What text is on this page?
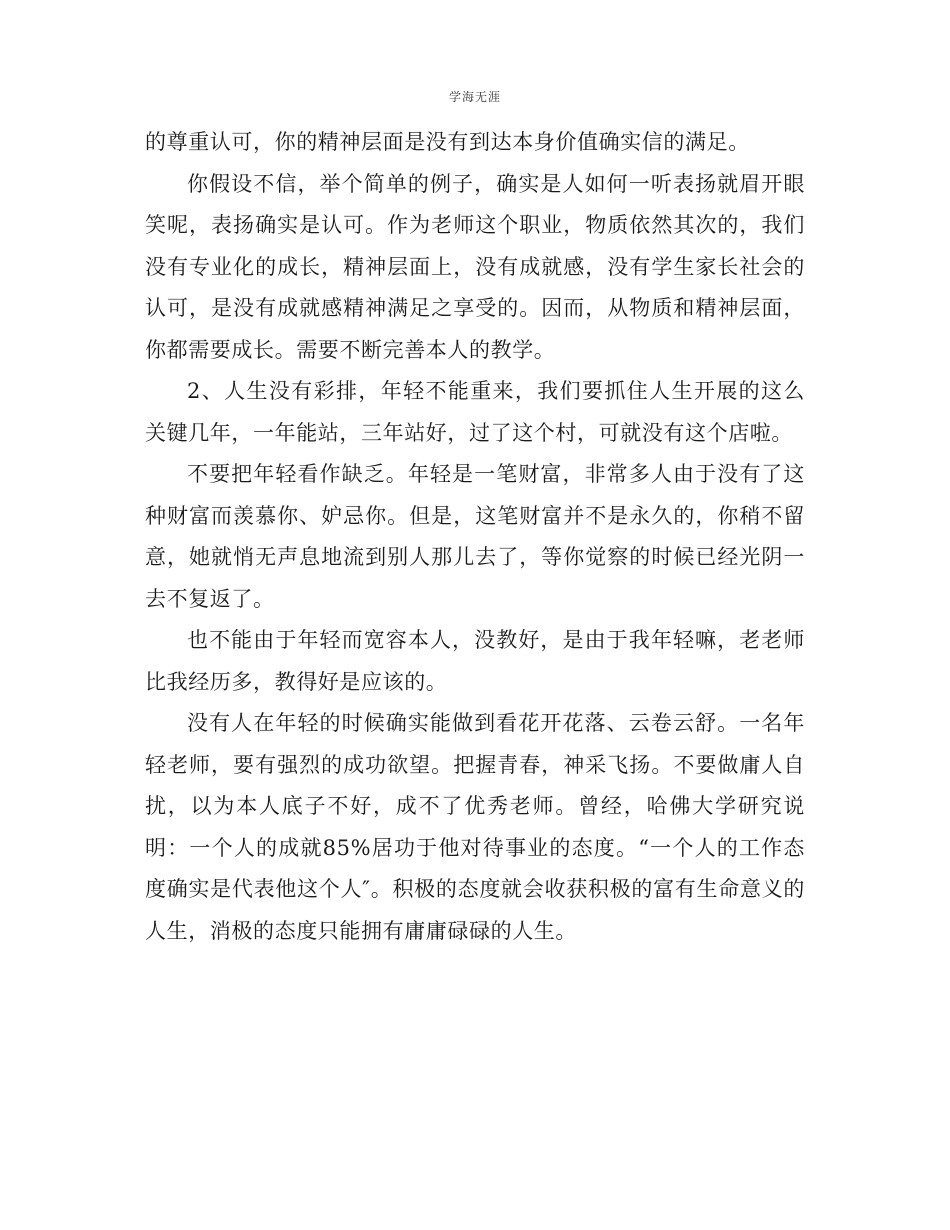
学海无涯

的尊重认可，你的精神层面是没有到达本身价值确实信的满足。

你假设不信，举个简单的例子，确实是人如何一听表扬就眉开眼笑呢，表扬确实是认可。作为老师这个职业，物质依然其次的，我们没有专业化的成长，精神层面上，没有成就感，没有学生家长社会的认可，是没有成就感精神满足之享受的。因而，从物质和精神层面，你都需要成长。需要不断完善本人的教学。

2、人生没有彩排，年轻不能重来，我们要抓住人生开展的这么关键几年，一年能站，三年站好，过了这个村，可就没有这个店啦。

不要把年轻看作缺乏。年轻是一笔财富，非常多人由于没有了这种财富而羡慕你、妒忌你。但是，这笔财富并不是永久的，你稍不留意，她就悄无声息地流到别人那儿去了，等你觉察的时候已经光阴一去不复返了。

也不能由于年轻而宽容本人，没教好，是由于我年轻嘛，老老师比我经历多，教得好是应该的。

没有人在年轻的时候确实能做到看花开花落、云卷云舒。一名年轻老师，要有强烈的成功欲望。把握青春，神采飞扬。不要做庸人自扰，以为本人底子不好，成不了优秀老师。曾经，哈佛大学研究说明：一个人的成就85%居功于他对待事业的态度。“一个人的工作态度确实是代表他这个人″。积极的态度就会收获积极的富有生命意义的人生，消极的态度只能拥有庸庸碌碌的人生。
